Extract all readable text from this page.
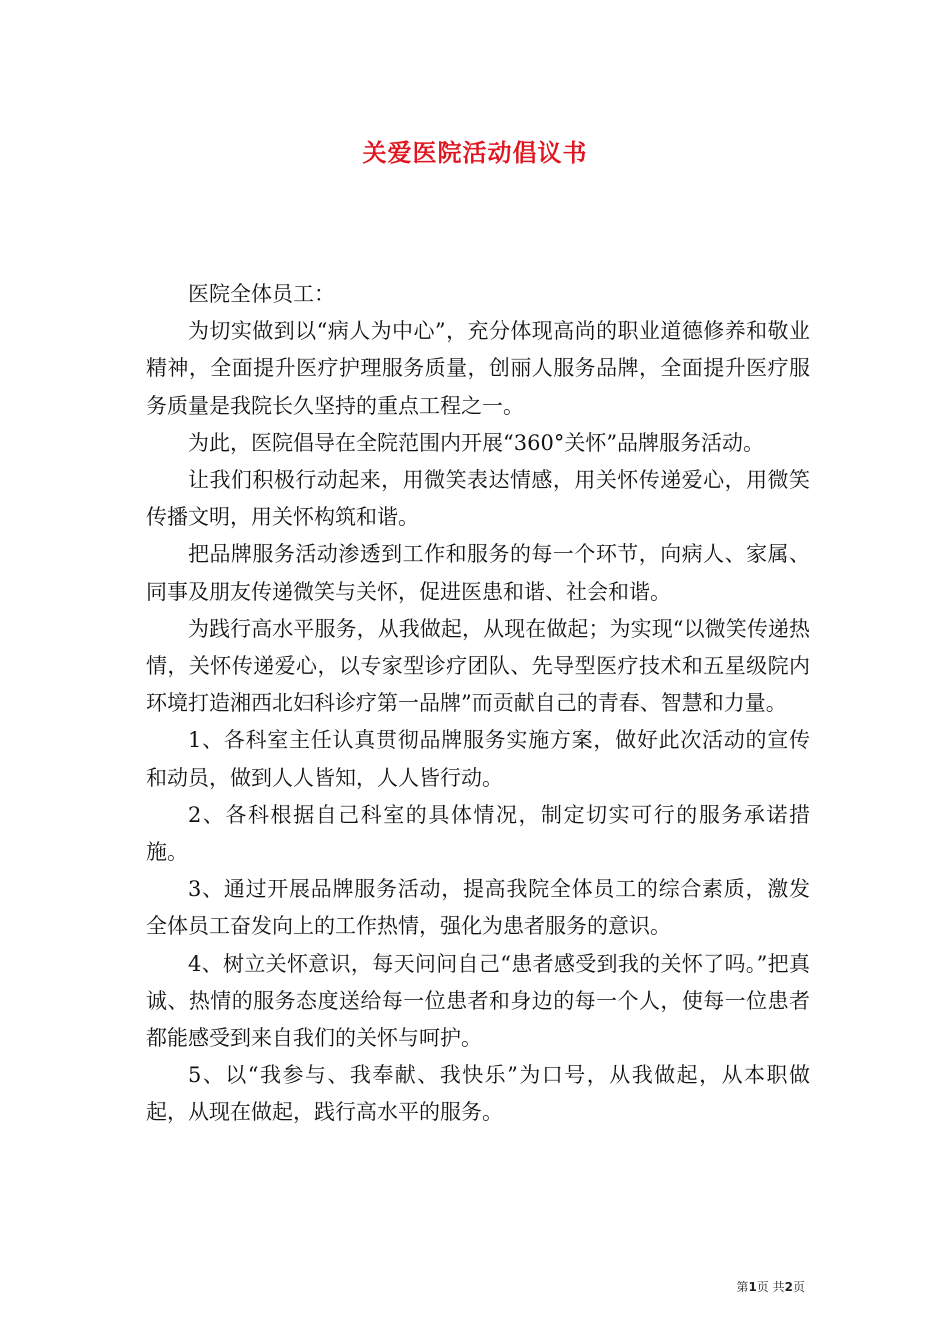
关爱医院活动倡议书

医院全体员工：

为切实做到以“病人为中心”，充分体现高尚的职业道德修养和敬业精神，全面提升医疗护理服务质量，创丽人服务品牌，全面提升医疗服务质量是我院长久坚持的重点工程之一。

为此，医院倡导在全院范围内开展“360°关怀”品牌服务活动。

让我们积极行动起来，用微笑表达情感，用关怀传递爱心，用微笑传播文明，用关怀构筑和谐。

把品牌服务活动渗透到工作和服务的每一个环节，向病人、家属、同事及朋友传递微笑与关怀，促进医患和谐、社会和谐。

为践行高水平服务，从我做起，从现在做起；为实现“以微笑传递热情，关怀传递爱心，以专家型诊疗团队、先导型医疗技术和五星级院内环境打造湘西北妇科诊疗第一品牌”而贡献自己的青春、智慧和力量。

1、各科室主任认真贯彻品牌服务实施方案，做好此次活动的宣传和动员，做到人人皆知，人人皆行动。

2、各科根据自己科室的具体情况，制定切实可行的服务承诺措施。

3、通过开展品牌服务活动，提高我院全体员工的综合素质，激发全体员工奋发向上的工作热情，强化为患者服务的意识。

4、树立关怀意识，每天问问自己“患者感受到我的关怀了吗。”把真诚、热情的服务态度送给每一位患者和身边的每一个人，使每一位患者都能感受到来自我们的关怀与呵护。

5、以“我参与、我奉献、我快乐”为口号，从我做起，从本职做起，从现在做起，践行高水平的服务。

第1页 共2页
